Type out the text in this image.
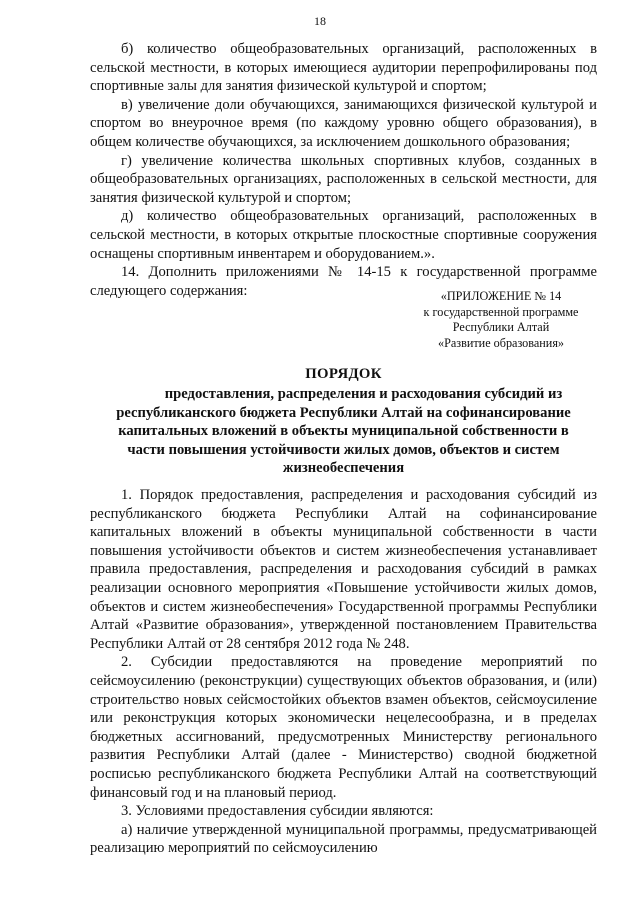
18

б) количество общеобразовательных организаций, расположенных в сельской местности, в которых имеющиеся аудитории перепрофилированы под спортивные залы для занятия физической культурой и спортом;

в) увеличение доли обучающихся, занимающихся физической культурой и спортом во внеурочное время (по каждому уровню общего образования), в общем количестве обучающихся, за исключением дошкольного образования;

г) увеличение количества школьных спортивных клубов, созданных в общеобразовательных организациях, расположенных в сельской местности, для занятия физической культурой и спортом;

д) количество общеобразовательных организаций, расположенных в сельской местности, в которых открытые плоскостные спортивные сооружения оснащены спортивным инвентарем и оборудованием.».

14. Дополнить приложениями № 14-15 к государственной программе следующего содержания:	«ПРИЛОЖЕНИЕ № 14
к государственной программе
Республики Алтай
«Развитие образования»
ПОРЯДОК
предоставления, распределения и расходования субсидий из
республиканского бюджета Республики Алтай на софинансирование капитальных вложений в объекты муниципальной собственности в части повышения устойчивости жилых домов, объектов и систем жизнеобеспечения

1. Порядок предоставления, распределения и расходования субсидий из республиканского бюджета Республики Алтай на софинансирование капитальных вложений в объекты муниципальной собственности в части повышения устойчивости объектов и систем жизнеобеспечения устанавливает правила предоставления, распределения и расходования субсидий в рамках реализации основного мероприятия «Повышение устойчивости жилых домов, объектов и систем жизнеобеспечения» Государственной программы Республики Алтай «Развитие образования», утвержденной постановлением Правительства Республики Алтай от 28 сентября 2012 года № 248.

2. Субсидии предоставляются на проведение мероприятий по сейсмоусилению (реконструкции) существующих объектов образования, и (или) строительство новых сейсмостойких объектов взамен объектов, сейсмоусиление или реконструкция которых экономически нецелесообразна, и в пределах бюджетных ассигнований, предусмотренных Министерству регионального развития Республики Алтай (далее - Министерство) сводной бюджетной росписью республиканского бюджета Республики Алтай на соответствующий финансовый год и на плановый период.

3. Условиями предоставления субсидии являются:

а) наличие утвержденной муниципальной программы, предусматривающей реализацию мероприятий по сейсмоусилению
